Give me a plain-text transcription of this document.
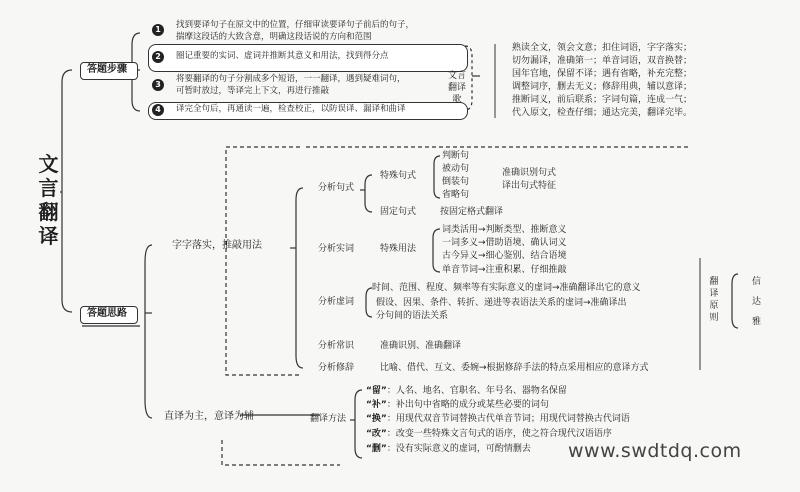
文言翻译
答题步骤
1	找到要译句子在原文中的位置，仔细审读要译句子前后的句子，
揣摩这段话的大致含意，明确这段话说的方向和范围
2	圈记重要的实词、虚词并推断其意义和用法，找到得分点
3
将要翻译的句子分割成多个短语，一一翻译，遇到疑难词句，
可暂时放过，等译完上下文，再进行推敲
4	译完全句后，再通读一遍，检查校正，以防误译、漏译和曲译
文言翻译歌
熟读全文，领会文意；扣住词语，字字落实；
切勿漏译，准确第一；单音词语，双音换替；
国年官地，保留不译；遇有省略，补充完整；
调整词序，删去无义；修辞用典，辅以意译；
推断词义，前后联系；字词句篇，连成一气；
代入原文，检查仔细；通达完美，翻译完毕。
答题思路
字字落实，推敲用法
分析句式
特殊句式
判断句
被动句
倒装句
省略句
准确识别句式
译出句式特征
固定句式	按固定格式翻译
分析实词	特殊用法
词类活用→判断类型、推断意义
一词多义→借助语境、确认词义
古今异义→细心鉴别、结合语境
单音节词→注重积累、仔细推敲
分析虚词
时间、范围、程度、频率等有实际意义的虚词→准确翻译出它的意义
假设、因果、条件、转折、递进等表语法关系的虚词→准确译出
分句间的语法关系
分析常识	准确识别、准确翻译
分析修辞	比喻、借代、互文、委婉→根据修辞手法的特点采用相应的意译方式
直译为主，意译为辅	翻译方法
“留”：人名、地名、官职名、年号名、器物名保留
“补”：补出句中省略的成分或某些必要的词句
“换”：用现代双音节词替换古代单音节词；用现代词替换古代词语
“改”：改变一些特殊文言句式的语序，使之符合现代汉语语序
“删”：没有实际意义的虚词，可酌情删去
翻译原则
信
达
雅
www.swdtdq.com
